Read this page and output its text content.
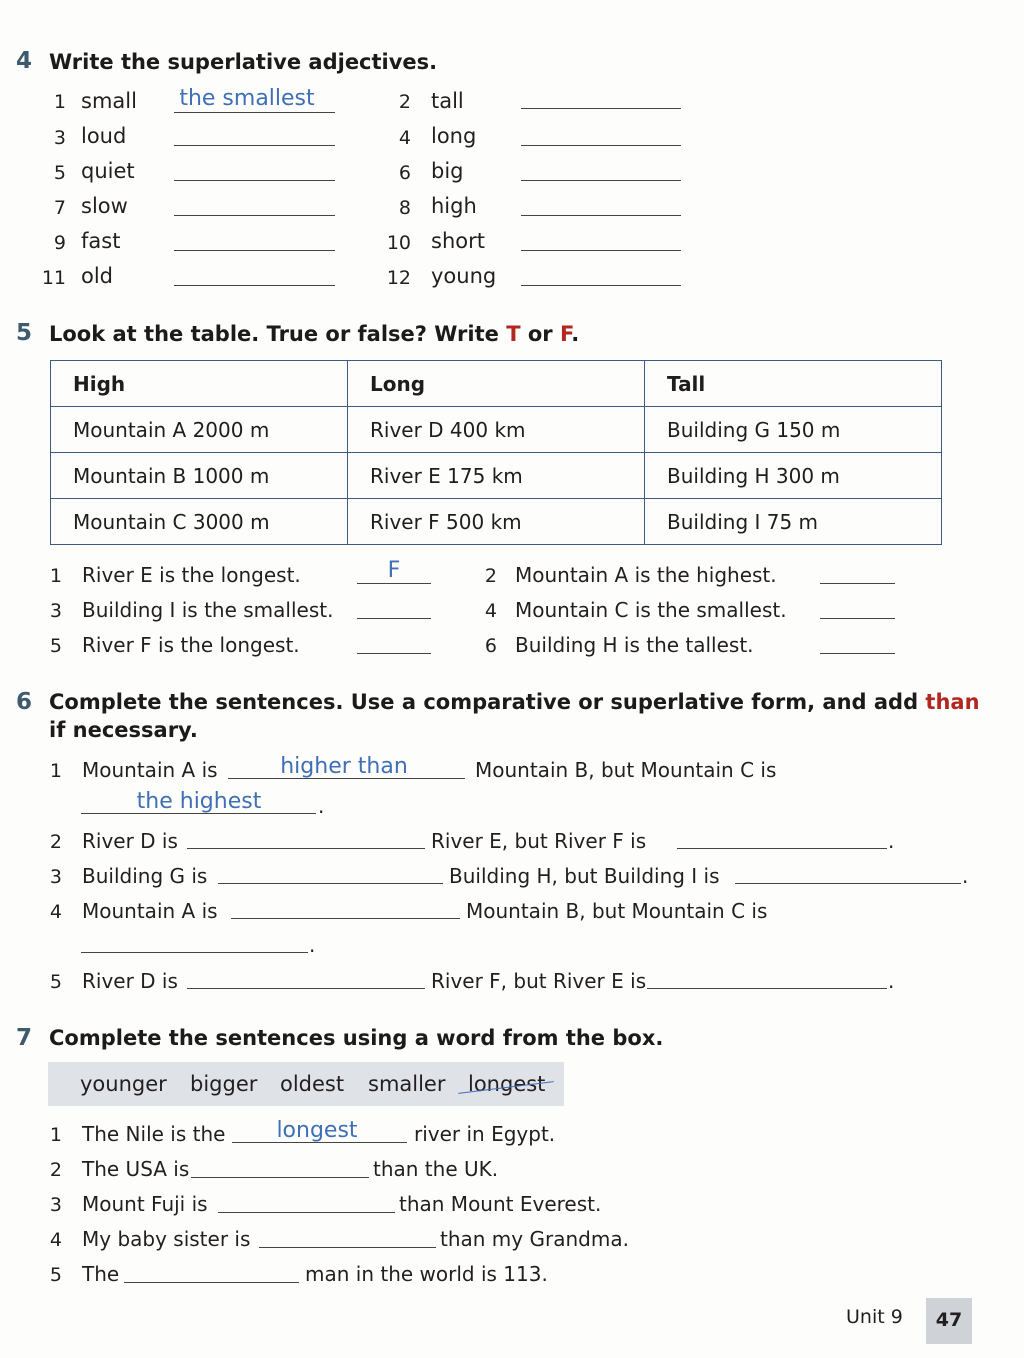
4 Write the superlative adjectives.
1 small the smallest	2 tall
3 loud	4 long
5 quiet	6 big
7 slow	8 high
9 fast	10 short
11 old	12 young
5 Look at the table. True or false? Write T or F.
High	Long	Tall
Mountain A 2000 m	River D 400 km	Building G 150 m
Mountain B 1000 m	River E 175 km	Building H 300 m
Mountain C 3000 m	River F 500 km	Building I 75 m
1 River E is the longest.	F	2 Mountain A is the highest.
3 Building I is the smallest.	4 Mountain C is the smallest.
5 River F is the longest.	6 Building H is the tallest.
6 Complete the sentences. Use a comparative or superlative form, and add than
if necessary.
1 Mountain A is	higher than	Mountain B, but Mountain C is
the highest	.
2 River D is	River E, but River F is	.
3 Building G is	Building H, but Building I is	.
4 Mountain A is	Mountain B, but Mountain C is
.
5 River D is	River F, but River E is	.
7 Complete the sentences using a word from the box.
younger bigger oldest smaller longest
1 The Nile is the	longest	river in Egypt.
2 The USA is	than the UK.
3 Mount Fuji is	than Mount Everest.
4 My baby sister is	than my Grandma.
5 The	man in the world is 113.
Unit 9	47
